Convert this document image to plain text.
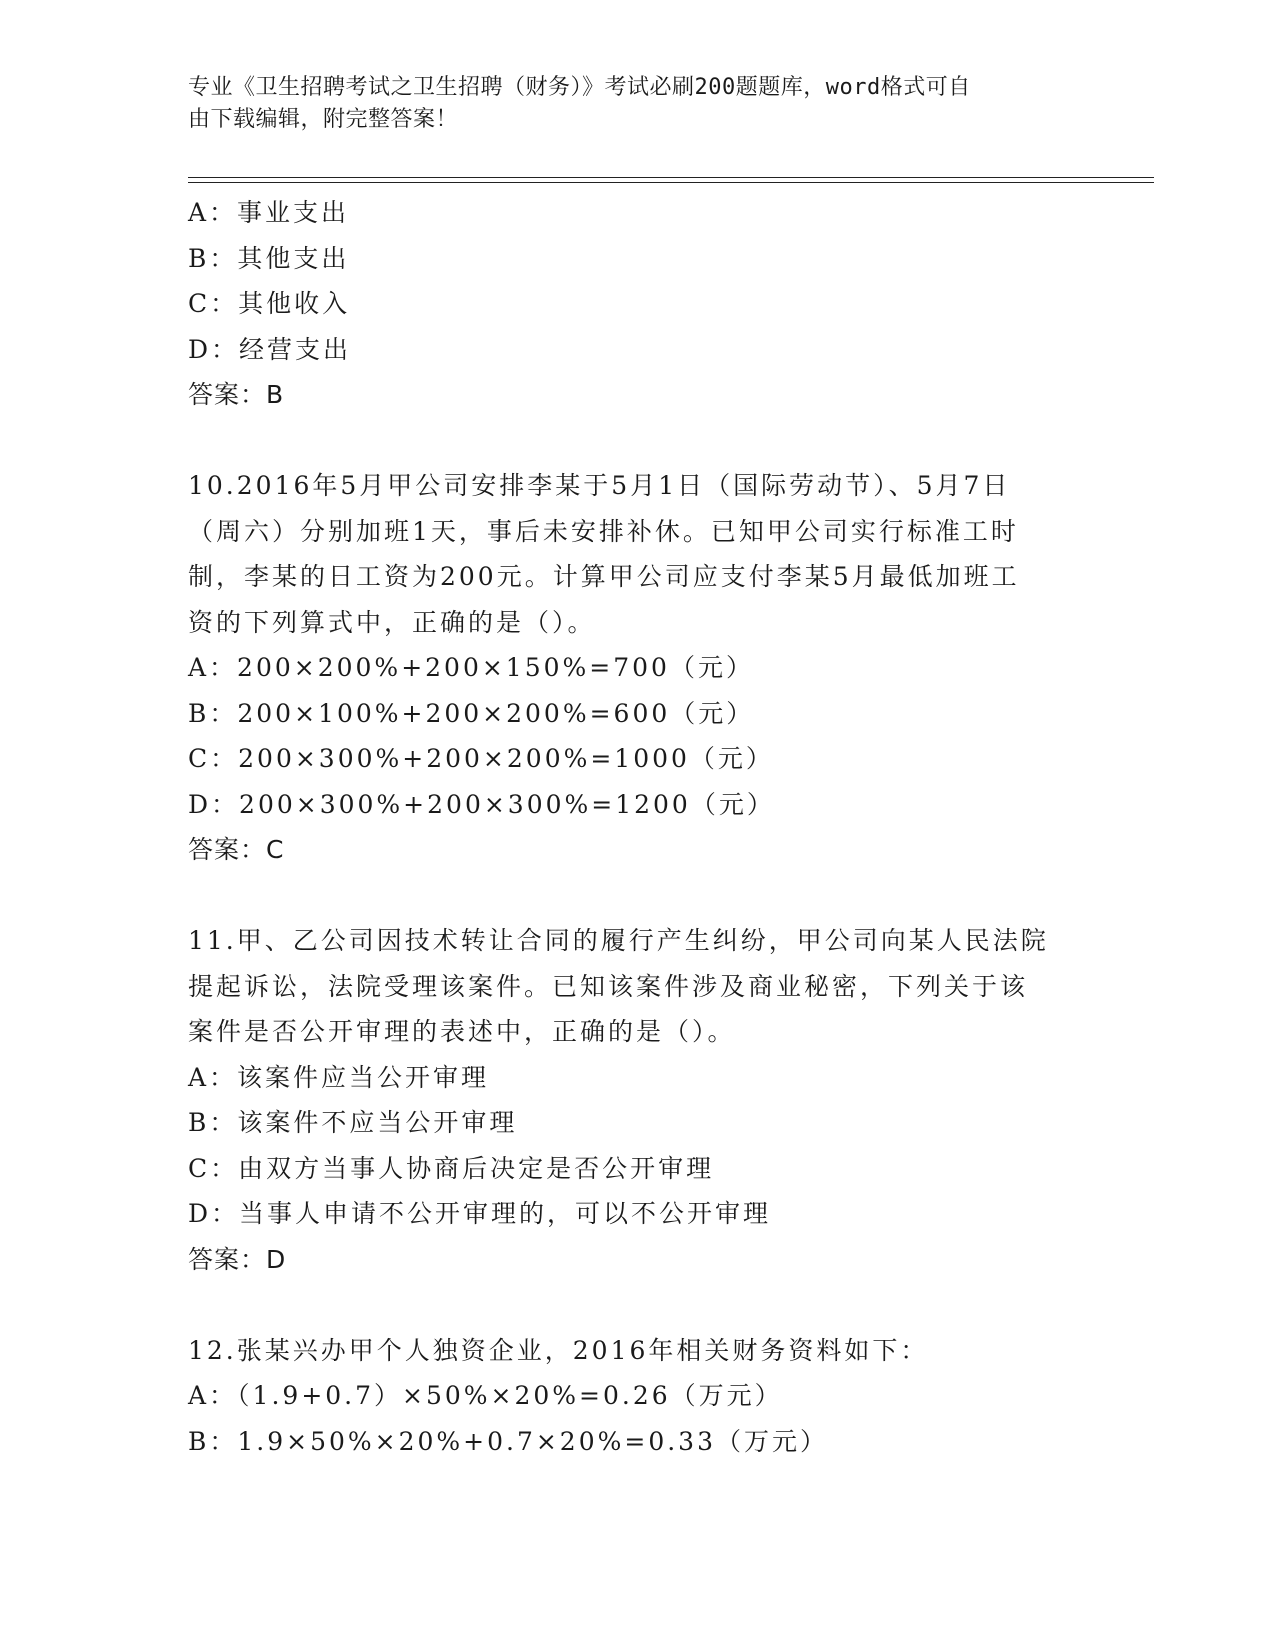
专业《卫生招聘考试之卫生招聘（财务）》考试必刷200题题库，word格式可自
由下载编辑，附完整答案！
A：事业支出
B：其他支出
C：其他收入
D：经营支出
答案：B
10.2016年5月甲公司安排李某于5月1日（国际劳动节）、5月7日
（周六）分别加班1天，事后未安排补休。已知甲公司实行标准工时
制，李某的日工资为200元。计算甲公司应支付李某5月最低加班工
资的下列算式中，正确的是（）。
A：200×200%+200×150%=700（元）
B：200×100%+200×200%=600（元）
C：200×300%+200×200%=1000（元）
D：200×300%+200×300%=1200（元）
答案：C
11.甲、乙公司因技术转让合同的履行产生纠纷，甲公司向某人民法院
提起诉讼，法院受理该案件。已知该案件涉及商业秘密，下列关于该
案件是否公开审理的表述中，正确的是（）。
A：该案件应当公开审理
B：该案件不应当公开审理
C：由双方当事人协商后决定是否公开审理
D：当事人申请不公开审理的，可以不公开审理
答案：D
12.张某兴办甲个人独资企业，2016年相关财务资料如下：
A：（1.9+0.7）×50%×20%=0.26（万元）
B：1.9×50%×20%+0.7×20%=0.33（万元）
